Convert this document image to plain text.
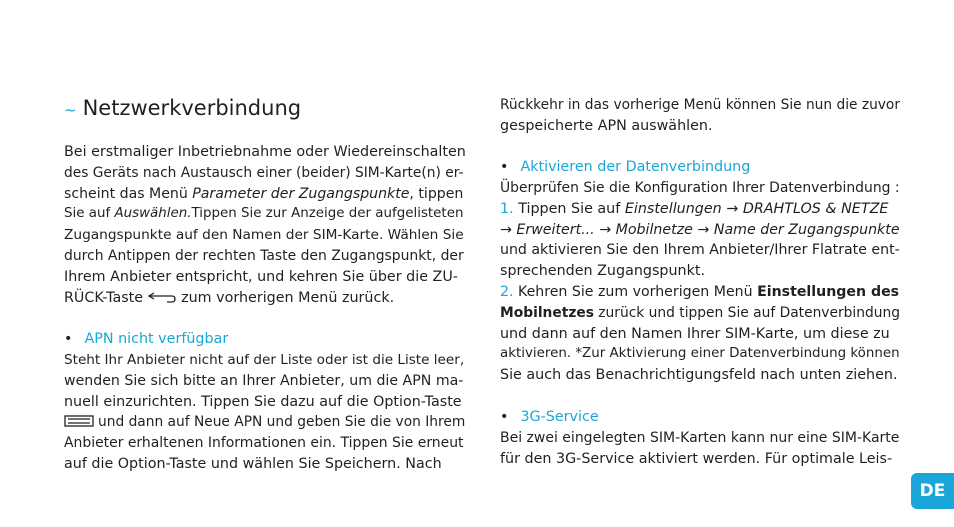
~ Netzwerkverbindung
Bei erstmaliger Inbetriebnahme oder Wiedereinschalten
des Geräts nach Austausch einer (beider) SIM-Karte(n) er-
scheint das Menü Parameter der Zugangspunkte, tippen
Sie auf Auswählen.Tippen Sie zur Anzeige der aufgelisteten
Zugangspunkte auf den Namen der SIM-Karte. Wählen Sie
durch Antippen der rechten Taste den Zugangspunkt, der
Ihrem Anbieter entspricht, und kehren Sie über die ZU-
RÜCK-Taste	zum vorherigen Menü zurück.
• APN nicht verfügbar
Steht Ihr Anbieter nicht auf der Liste oder ist die Liste leer,
wenden Sie sich bitte an Ihrer Anbieter, um die APN ma-
nuell einzurichten. Tippen Sie dazu auf die Option-Taste
und dann auf Neue APN und geben Sie die von Ihrem
Anbieter erhaltenen Informationen ein. Tippen Sie erneut
auf die Option-Taste und wählen Sie Speichern. Nach
Rückkehr in das vorherige Menü können Sie nun die zuvor
gespeicherte APN auswählen.
• Aktivieren der Datenverbindung
Überprüfen Sie die Konfiguration Ihrer Datenverbindung :
1. Tippen Sie auf Einstellungen → DRAHTLOS & NETZE
→ Erweitert... → Mobilnetze → Name der Zugangspunkte
und aktivieren Sie den Ihrem Anbieter/Ihrer Flatrate ent-
sprechenden Zugangspunkt.
2. Kehren Sie zum vorherigen Menü Einstellungen des
Mobilnetzes zurück und tippen Sie auf Datenverbindung
und dann auf den Namen Ihrer SIM-Karte, um diese zu
aktivieren. *Zur Aktivierung einer Datenverbindung können
Sie auch das Benachrichtigungsfeld nach unten ziehen.
• 3G-Service
Bei zwei eingelegten SIM-Karten kann nur eine SIM-Karte
für den 3G-Service aktiviert werden. Für optimale Leis-
DE
